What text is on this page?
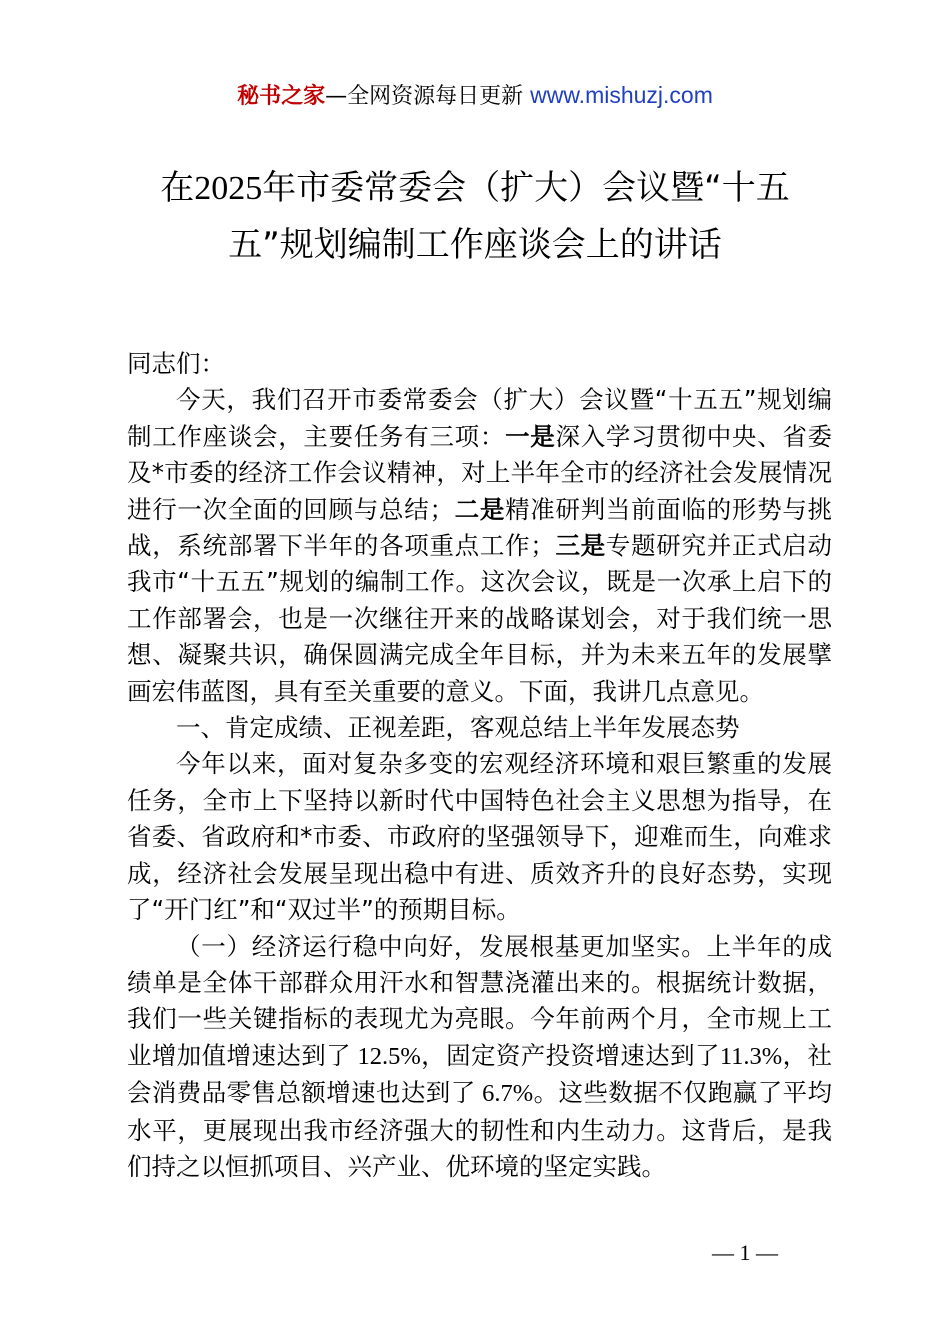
秘书之家—全网资源每日更新 www.mishuzj.com
在2025年市委常委会（扩大）会议暨“十五
五”规划编制工作座谈会上的讲话

同志们：

今天，我们召开市委常委会（扩大）会议暨“十五五”规划编制工作座谈会，主要任务有三项：一是深入学习贯彻中央、省委及*市委的经济工作会议精神，对上半年全市的经济社会发展情况进行一次全面的回顾与总结；二是精准研判当前面临的形势与挑战，系统部署下半年的各项重点工作；三是专题研究并正式启动我市“十五五”规划的编制工作。这次会议，既是一次承上启下的工作部署会，也是一次继往开来的战略谋划会，对于我们统一思想、凝聚共识，确保圆满完成全年目标，并为未来五年的发展擘画宏伟蓝图，具有至关重要的意义。下面，我讲几点意见。

一、肯定成绩、正视差距，客观总结上半年发展态势

今年以来，面对复杂多变的宏观经济环境和艰巨繁重的发展任务，全市上下坚持以新时代中国特色社会主义思想为指导，在省委、省政府和*市委、市政府的坚强领导下，迎难而生，向难求成，经济社会发展呈现出稳中有进、质效齐升的良好态势，实现了“开门红”和“双过半”的预期目标。

（一）经济运行稳中向好，发展根基更加坚实。上半年的成绩单是全体干部群众用汗水和智慧浇灌出来的。根据统计数据，我们一些关键指标的表现尤为亮眼。今年前两个月，全市规上工业增加值增速达到了 12.5%，固定资产投资增速达到了11.3%，社会消费品零售总额增速也达到了 6.7%。这些数据不仅跑赢了平均水平，更展现出我市经济强大的韧性和内生动力。这背后，是我们持之以恒抓项目、兴产业、优环境的坚定实践。

— 1 —
